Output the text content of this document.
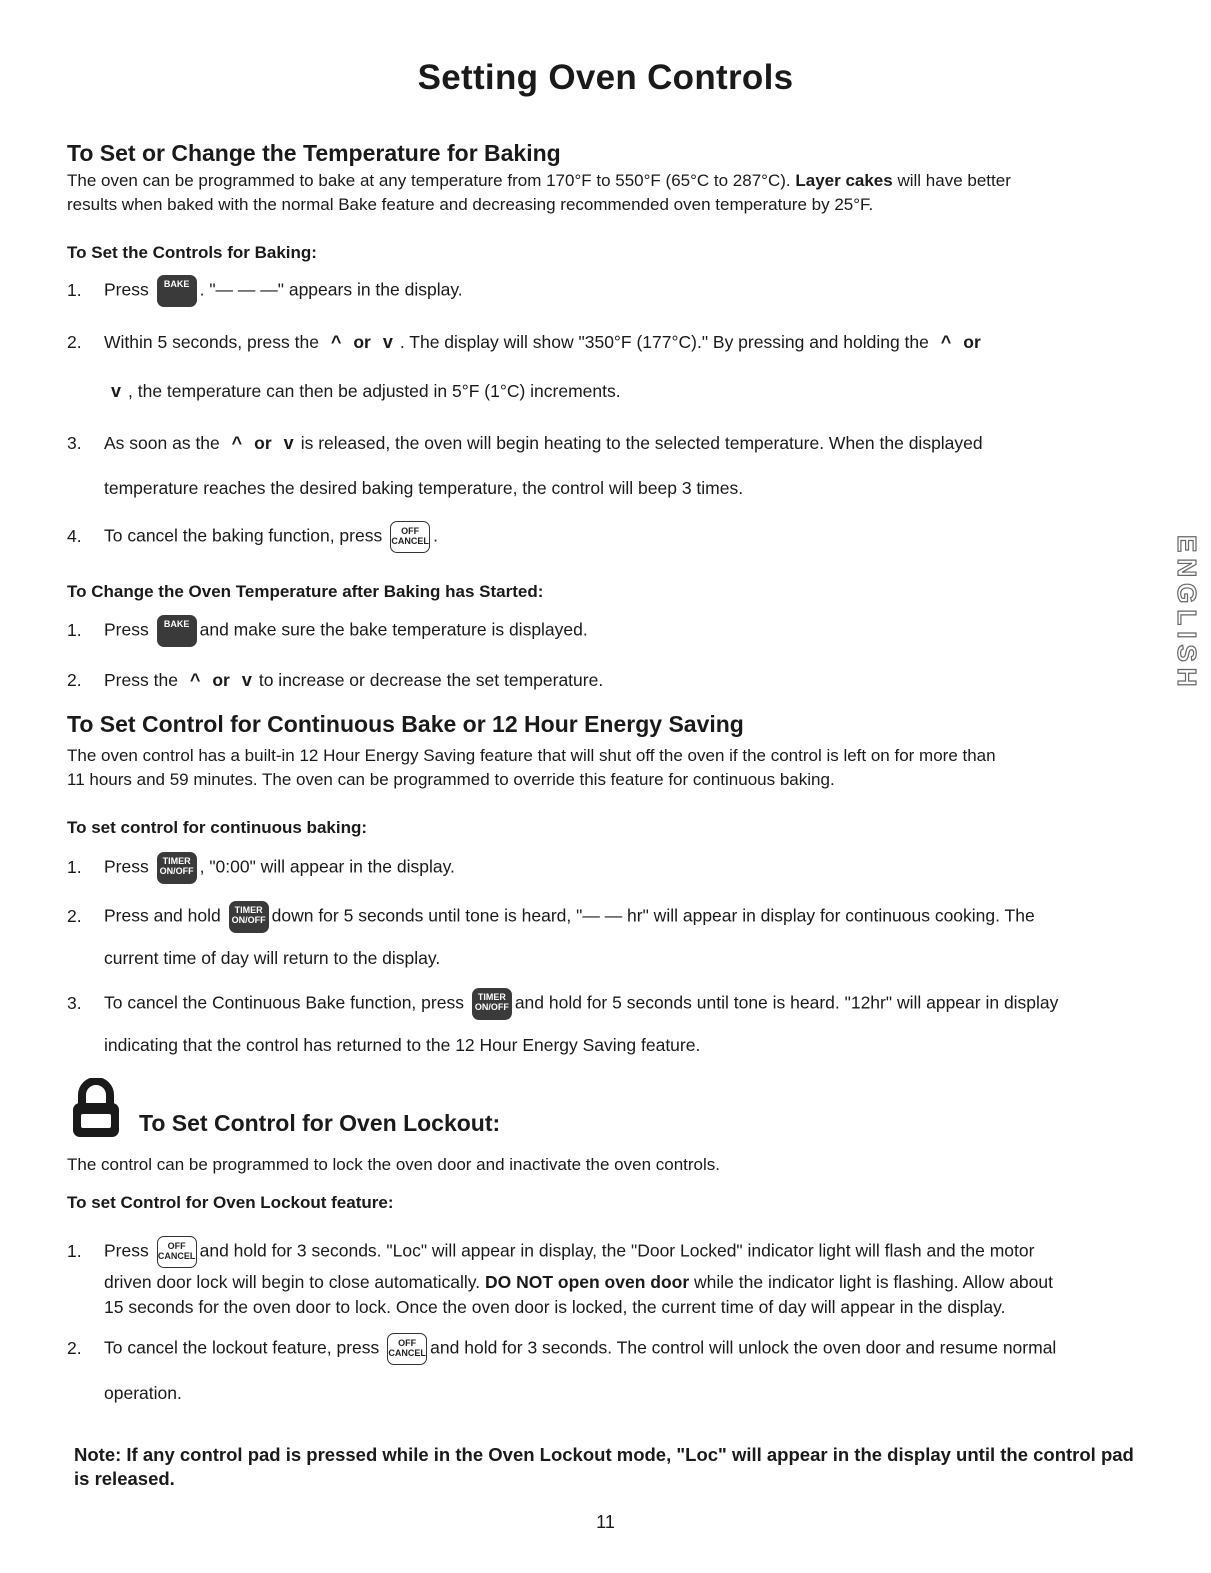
Setting Oven Controls
To Set or Change the Temperature for Baking
The oven can be programmed to bake at any temperature from 170°F to 550°F (65°C to 287°C). Layer cakes will have better
results when baked with the normal Bake feature and decreasing recommended oven temperature by 25°F.
To Set the Controls for Baking:
1. Press BAKE . "— — —" appears in the display.
2. Within 5 seconds, press the ^ or v . The display will show "350°F (177°C)." By pressing and holding the ^ or
v , the temperature can then be adjusted in 5°F (1°C) increments.
3. As soon as the ^ or v is released, the oven will begin heating to the selected temperature. When the displayed
temperature reaches the desired baking temperature, the control will beep 3 times.
4. To cancel the baking function, press OFF
CANCEL .
To Change the Oven Temperature after Baking has Started:
1. Press BAKE and make sure the bake temperature is displayed.
2. Press the ^ or v to increase or decrease the set temperature.
To Set Control for Continuous Bake or 12 Hour Energy Saving
The oven control has a built-in 12 Hour Energy Saving feature that will shut off the oven if the control is left on for more than
11 hours and 59 minutes. The oven can be programmed to override this feature for continuous baking.
To set control for continuous baking:
1. Press TIMER
ON/OFF , "0:00" will appear in the display.
2. Press and hold TIMER
ON/OFF down for 5 seconds until tone is heard, "— — hr" will appear in display for continuous cooking. The
current time of day will return to the display.
3. To cancel the Continuous Bake function, press TIMER
ON/OFF and hold for 5 seconds until tone is heard. "12hr" will appear in display
indicating that the control has returned to the 12 Hour Energy Saving feature.
To Set Control for Oven Lockout:
The control can be programmed to lock the oven door and inactivate the oven controls.
To set Control for Oven Lockout feature:
1. Press OFF
CANCEL and hold for 3 seconds. "Loc" will appear in display, the "Door Locked" indicator light will flash and the motor
driven door lock will begin to close automatically. DO NOT open oven door while the indicator light is flashing. Allow about
15 seconds for the oven door to lock. Once the oven door is locked, the current time of day will appear in the display.
2. To cancel the lockout feature, press OFF
CANCEL and hold for 3 seconds. The control will unlock the oven door and resume normal
operation.
Note: If any control pad is pressed while in the Oven Lockout mode, "Loc" will appear in the display until the control pad is released.
ENGLISH
11
